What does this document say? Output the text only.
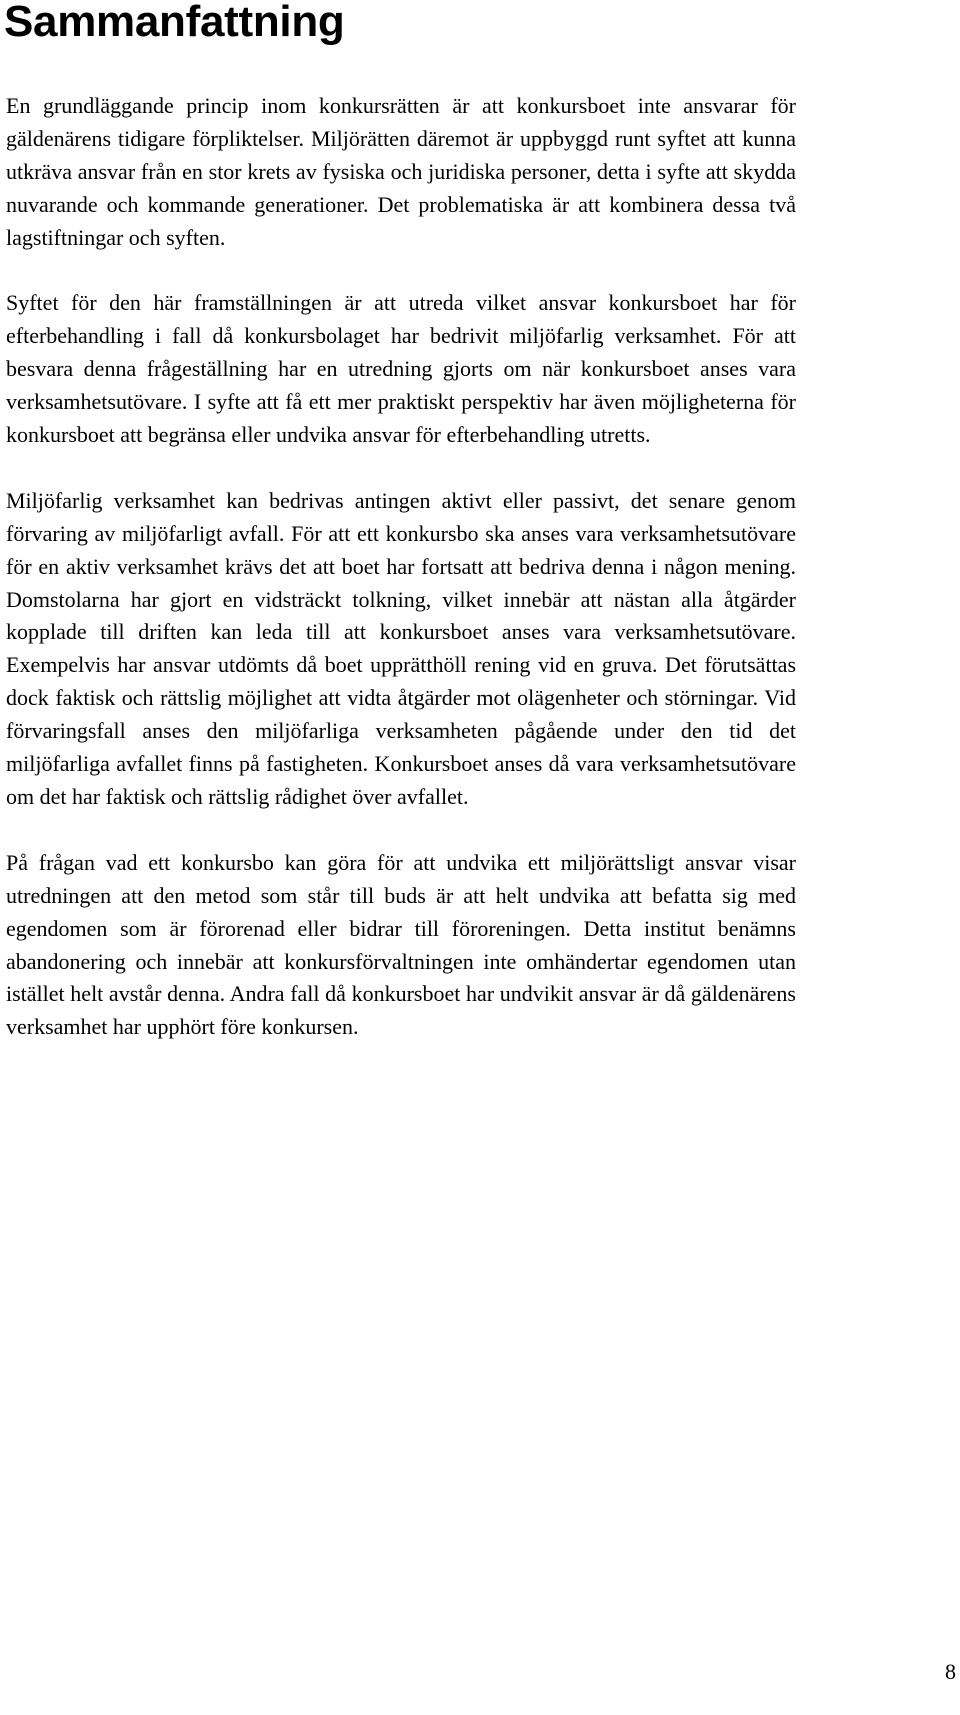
Sammanfattning

En grundläggande princip inom konkursrätten är att konkursboet inte ansvarar för gäldenärens tidigare förpliktelser. Miljörätten däremot är uppbyggd runt syftet att kunna utkräva ansvar från en stor krets av fysiska och juridiska personer, detta i syfte att skydda nuvarande och kommande generationer. Det problematiska är att kombinera dessa två lagstiftningar och syften.

Syftet för den här framställningen är att utreda vilket ansvar konkursboet har för efterbehandling i fall då konkursbolaget har bedrivit miljöfarlig verksamhet. För att besvara denna frågeställning har en utredning gjorts om när konkursboet anses vara verksamhetsutövare. I syfte att få ett mer praktiskt perspektiv har även möjligheterna för konkursboet att begränsa eller undvika ansvar för efterbehandling utretts.

Miljöfarlig verksamhet kan bedrivas antingen aktivt eller passivt, det senare genom förvaring av miljöfarligt avfall. För att ett konkursbo ska anses vara verksamhetsutövare för en aktiv verksamhet krävs det att boet har fortsatt att bedriva denna i någon mening. Domstolarna har gjort en vidsträckt tolkning, vilket innebär att nästan alla åtgärder kopplade till driften kan leda till att konkursboet anses vara verksamhetsutövare. Exempelvis har ansvar utdömts då boet upprätthöll rening vid en gruva. Det förutsättas dock faktisk och rättslig möjlighet att vidta åtgärder mot olägenheter och störningar. Vid förvaringsfall anses den miljöfarliga verksamheten pågående under den tid det miljöfarliga avfallet finns på fastigheten. Konkursboet anses då vara verksamhetsutövare om det har faktisk och rättslig rådighet över avfallet.

På frågan vad ett konkursbo kan göra för att undvika ett miljörättsligt ansvar visar utredningen att den metod som står till buds är att helt undvika att befatta sig med egendomen som är förorenad eller bidrar till föroreningen. Detta institut benämns abandonering och innebär att konkursförvaltningen inte omhändertar egendomen utan istället helt avstår denna. Andra fall då konkursboet har undvikit ansvar är då gäldenärens verksamhet har upphört före konkursen.

8
